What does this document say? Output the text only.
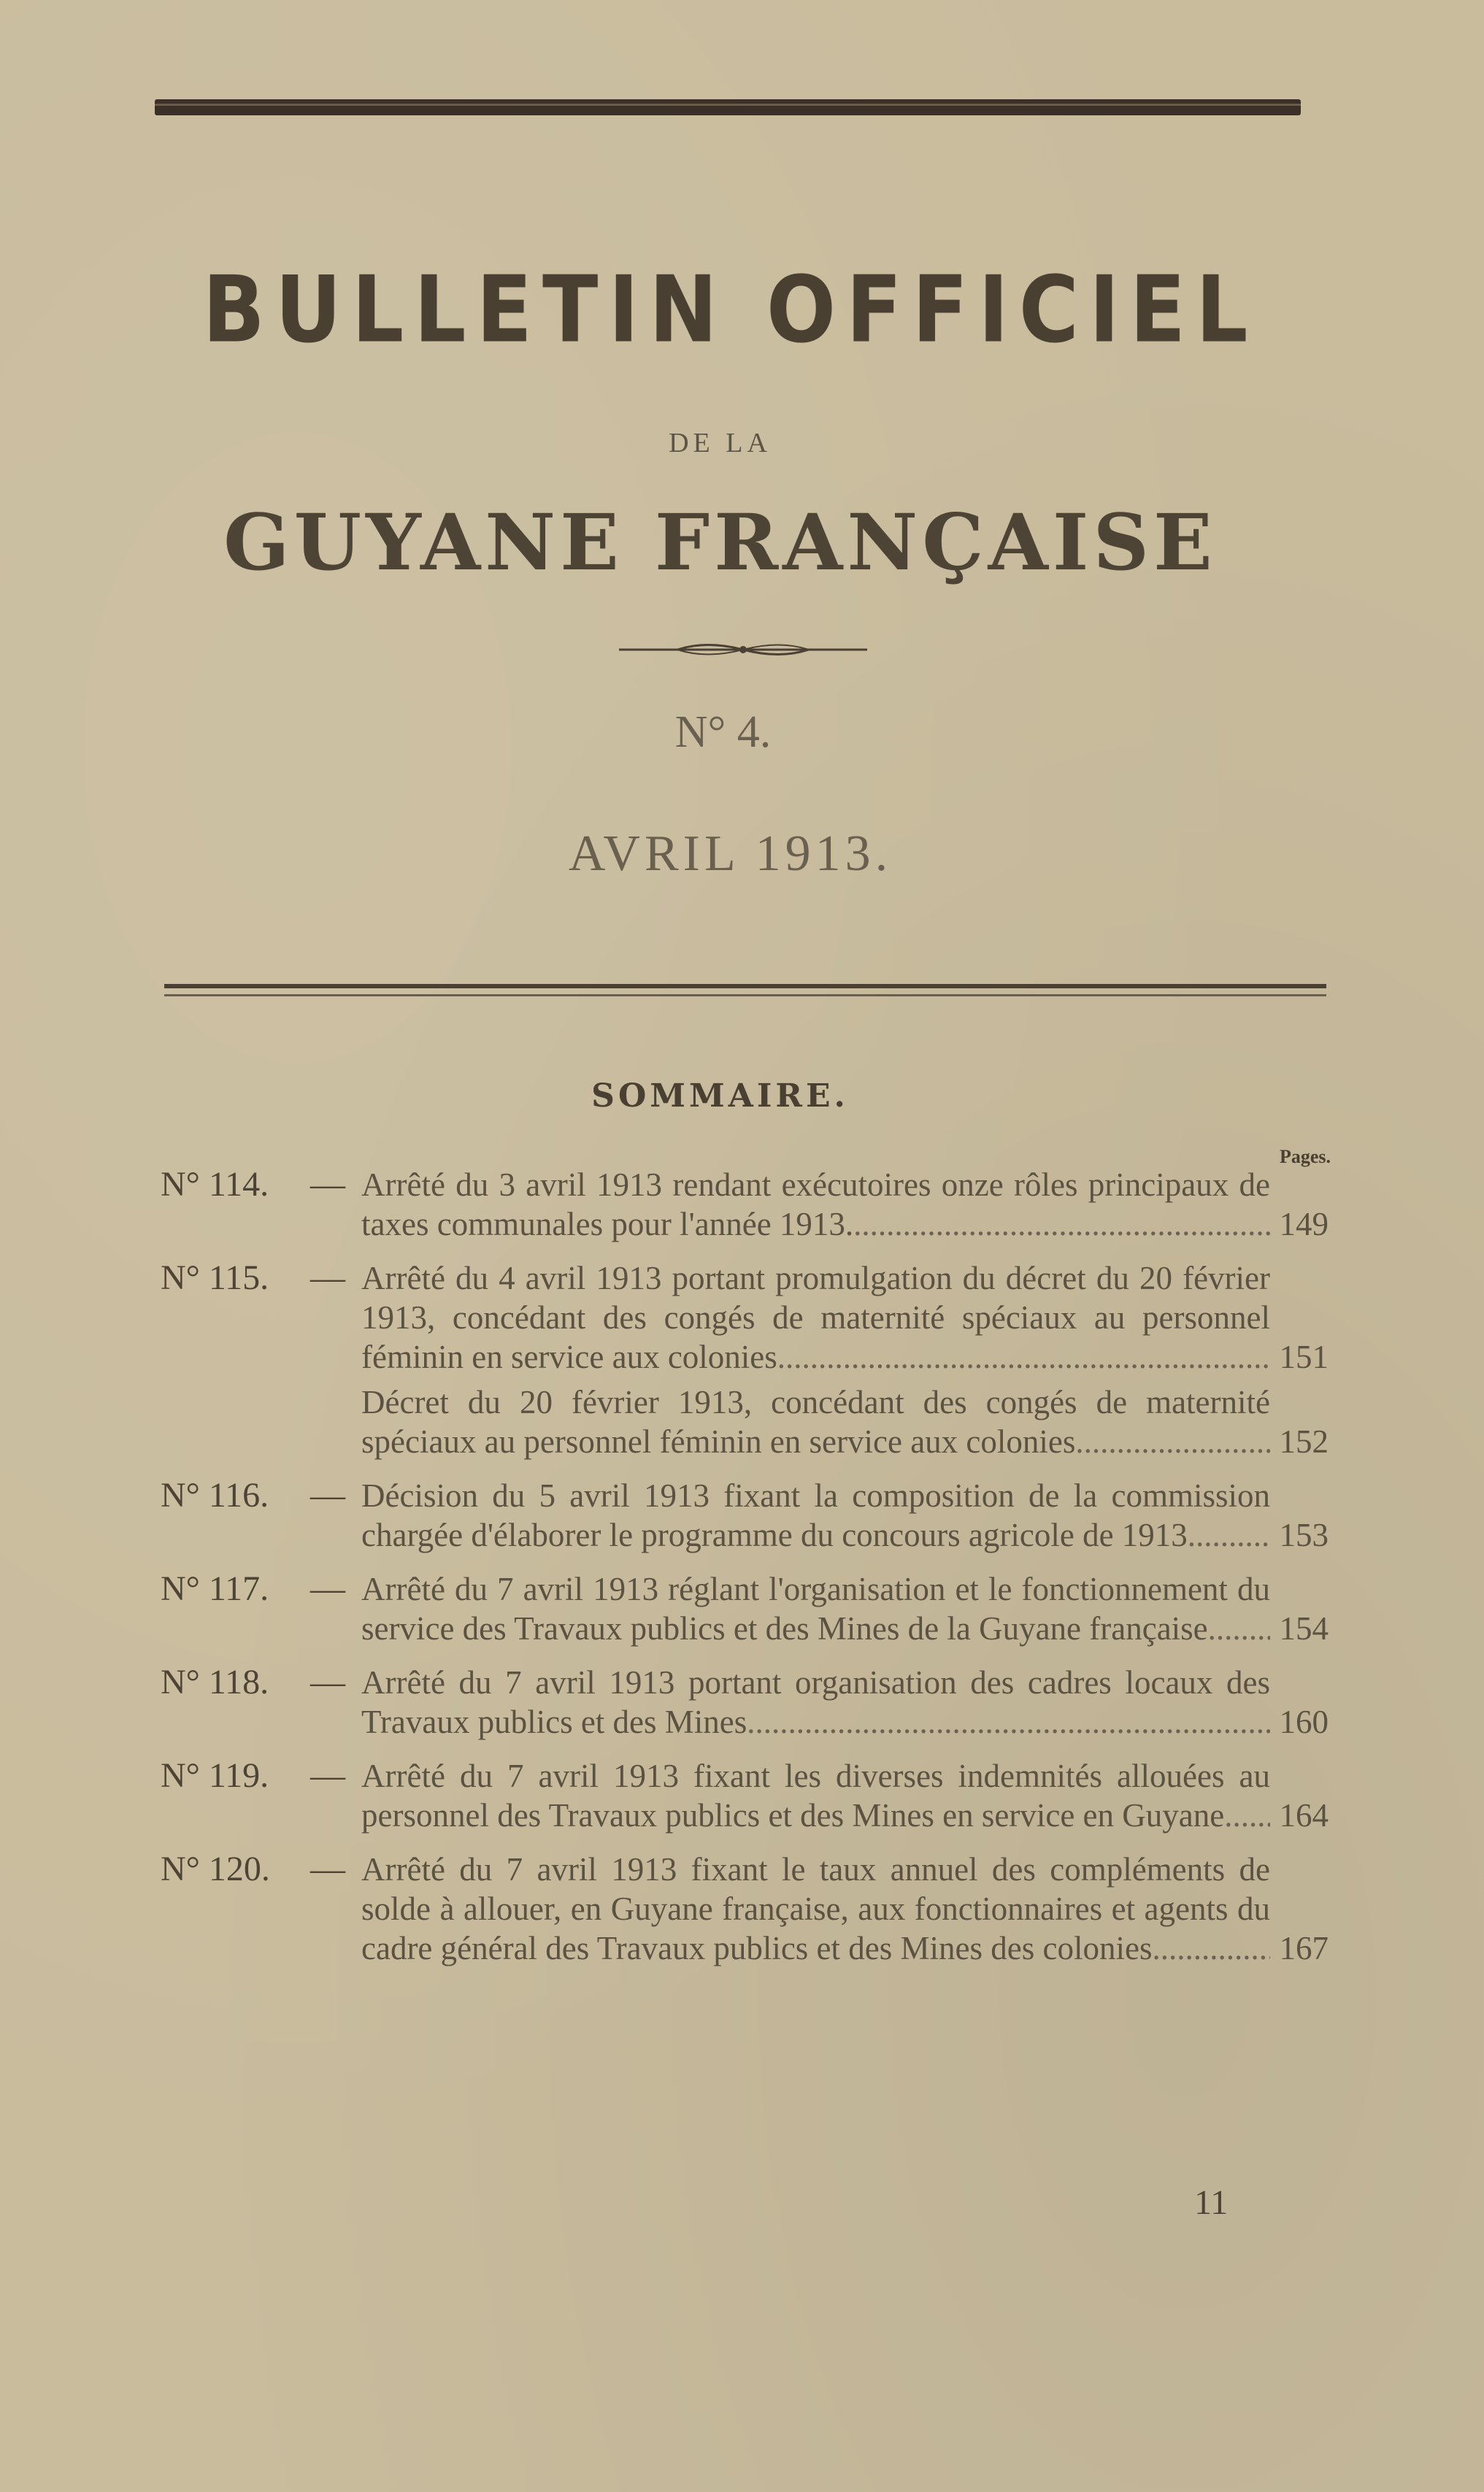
BULLETIN OFFICIEL
DE LA
GUYANE FRANÇAISE
N° 4.
AVRIL 1913.
SOMMAIRE.
Pages.
N° 114.	— Arrêté du 3 avril 1913 rendant exécutoires onze rôles principaux de taxes communales pour l'année 1913. .....	149
N° 115.	— Arrêté du 4 avril 1913 portant promulgation du décret du 20 février 1913, concédant des congés de maternité spéciaux au personnel féminin en service aux colonies .....	151
Décret du 20 février 1913, concédant des congés de maternité spéciaux au personnel féminin en service aux colonies .....	152
N° 116.	— Décision du 5 avril 1913 fixant la composition de la commission chargée d'élaborer le programme du concours agricole de 1913 .....	153
N° 117.	— Arrêté du 7 avril 1913 réglant l'organisation et le fonctionnement du service des Travaux publics et des Mines de la Guyane française .....	154
N° 118.	— Arrêté du 7 avril 1913 portant organisation des cadres locaux des Travaux publics et des Mines .....	160
N° 119.	— Arrêté du 7 avril 1913 fixant les diverses indemnités allouées au personnel des Travaux publics et des Mines en service en Guyane .....	164
N° 120.	— Arrêté du 7 avril 1913 fixant le taux annuel des compléments de solde à allouer, en Guyane française, aux fonctionnaires et agents du cadre général des Travaux publics et des Mines des colonies .....	167
11
